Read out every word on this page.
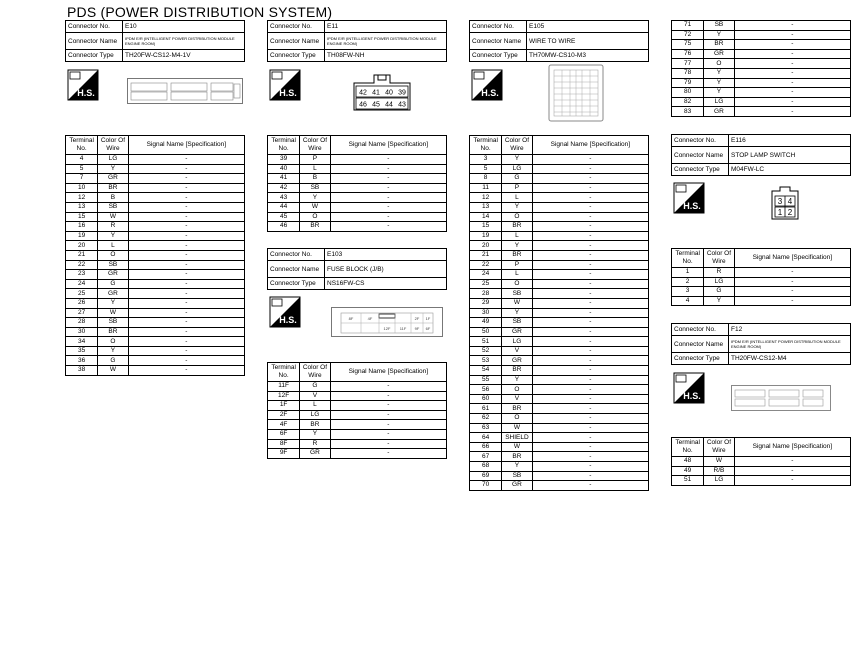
PDS (POWER DISTRIBUTION SYSTEM)
Connector No.	E10
Connector Name	IPDM E/R (INTELLIGENT POWER DISTRIBUTION MODULE ENGINE ROOM)
Connector Type	TH20FW-CS12-M4-1V
Connector No.	E11
Connector Name	IPDM E/R (INTELLIGENT POWER DISTRIBUTION MODULE ENGINE ROOM)
Connector Type	TH08FW-NH
Connector No.	E105
Connector Name	WIRE TO WIRE
Connector Type	TH70MW-CS10-M3
Connector No.	E103
Connector Name	FUSE BLOCK (J/B)
Connector Type	NS16FW-CS
Connector No.	E116
Connector Name	STOP LAMP SWITCH
Connector Type	M04FW-LC
Connector No.	F12
Connector Name	IPDM E/R (INTELLIGENT POWER DISTRIBUTION MODULE ENGINE ROOM)
Connector Type	TH20FW-CS12-M4
H.S.	H.S.	H.S.
H.S.
H.S.
H.S.
42 41 40 39
46 45 44 43
8F	4F	2F 1F
12F 11F 9F 6F
3 4
1 2
Terminal No.	Color Of Wire	Signal Name [Specification]
4	LG	-
5	Y	-
7	GR	-
10	BR	-
12	B	-
13	SB	-
15	W	-
16	R	-
19	Y	-
20	L	-
21	O	-
22	SB	-
23	GR	-
24	G	-
25	GR	-
26	Y	-
27	W	-
28	SB	-
30	BR	-
34	O	-
35	Y	-
36	G	-
38	W	-
Terminal No.	Color Of Wire	Signal Name [Specification]
39	P	-
40	L	-
41	B	-
42	SB	-
43	Y	-
44	W	-
45	O	-
46	BR	-
Terminal No.	Color Of Wire	Signal Name [Specification]
11F	G	-
12F	V	-
1F	L	-
2F	LG	-
4F	BR	-
6F	Y	-
8F	R	-
9F	GR	-
Terminal No.	Color Of Wire	Signal Name [Specification]
3	Y	-
5	LG	-
8	G	-
11	P	-
12	L	-
13	Y	-
14	O	-
15	BR	-
19	L	-
20	Y	-
21	BR	-
22	P	-
24	L	-
25	O	-
28	SB	-
29	W	-
30	Y	-
49	SB	-
50	GR	-
51	LG	-
52	V	-
53	GR	-
54	BR	-
55	Y	-
56	O	-
60	V	-
61	BR	-
62	O	-
63	W	-
64	SHIELD	-
66	W	-
67	BR	-
68	Y	-
69	SB	-
70	GR	-
71	SB	-
72	Y	-
75	BR	-
76	GR	-
77	O	-
78	Y	-
79	Y	-
80	Y	-
82	LG	-
83	GR	-
Terminal No.	Color Of Wire	Signal Name [Specification]
1	R	-
2	LG	-
3	G	-
4	Y	-
Terminal No.	Color Of Wire	Signal Name [Specification]
48	W	-
49	R/B	-
51	LG	-
